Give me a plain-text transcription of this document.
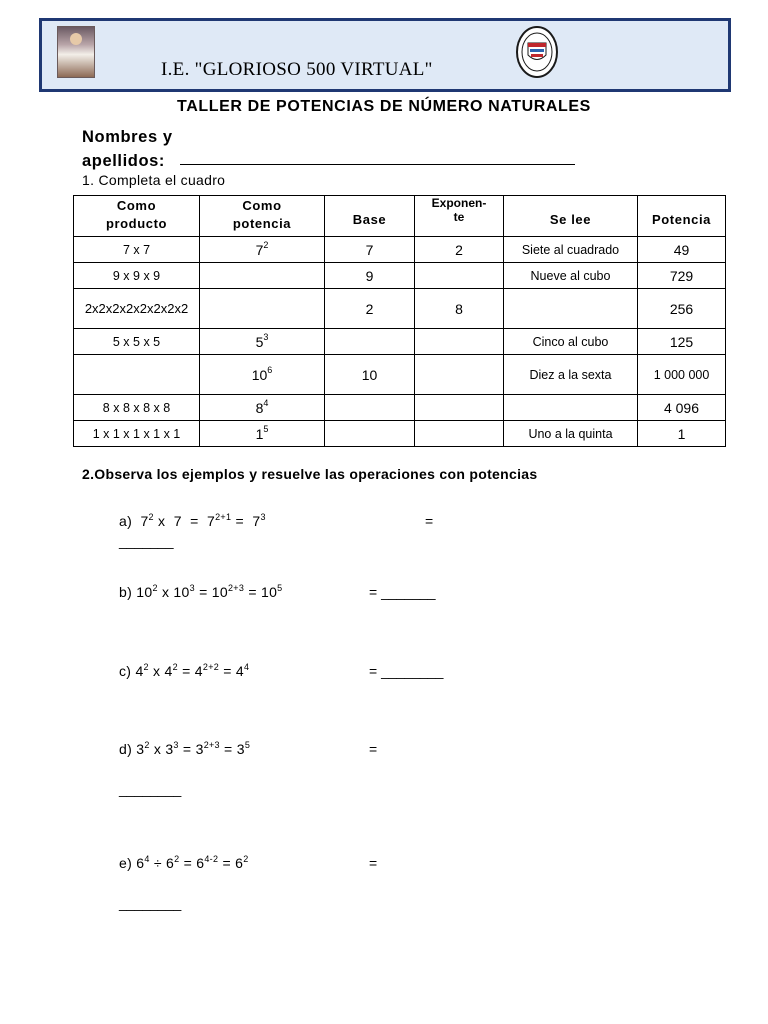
I.E. "GLORIOSO 500 VIRTUAL"
TALLER DE POTENCIAS DE NÚMERO NATURALES
Nombres y
apellidos:
1. Completa el cuadro
Como
producto	Como
potencia	Base	Exponen-
te	Se lee	Potencia

7 x 7	$7^2$	7	2	Siete al cuadrado	49
9 x 9 x 9		9		Nueve al cubo	729

2x2x2x2x2x2x2x2		2	8		256
5 x 5 x 5	$5^3$			Cinco al cubo	125
	$10^6$	10		Diez a la sexta	1 000 000
8 x 8 x 8 x 8	$8^4$				4 096
1 x 1 x 1 x 1 x 1	$1^5$			Uno a la quinta	1
2.Observa los ejemplos y resuelve las operaciones con potencias
a)  $7^2$ x  $7 = 7^{2+1} = 7^3$	=
_______
b) $10^2$ x $10^3 = 10^{2+3} = 10^5$	= _______
c) $4^2$ x $4^2 = 4^{2+2} = 4^4$	= ________
d) $3^2$ x $3^3 = 3^{2+3} = 3^5$	=
________
e) $6^4 \div 6^2 = 6^{4-2} = 6^2$	=
________
